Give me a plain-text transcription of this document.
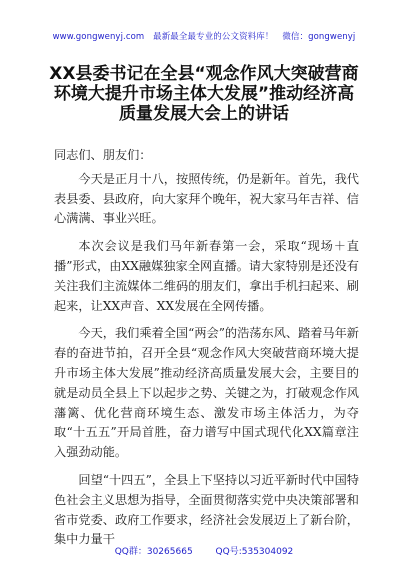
www.gongwenyj.com 最新最全最专业的公文资料库！ 微信：gongwenyj
XX县委书记在全县“观念作风大突破营商环境大提升市场主体大发展”推动经济高质量发展大会上的讲话

同志们、朋友们：

今天是正月十八，按照传统，仍是新年。首先，我代表县委、县政府，向大家拜个晚年，祝大家马年吉祥、信心满满、事业兴旺。

本次会议是我们马年新春第一会，采取“现场＋直播”形式，由XX融媒独家全网直播。请大家特别是还没有关注我们主流媒体二维码的朋友们，拿出手机扫起来、刷起来，让XX声音、XX发展在全网传播。

今天，我们乘着全国“两会”的浩荡东风、踏着马年新春的奋进节拍，召开全县“观念作风大突破营商环境大提升市场主体大发展”推动经济高质量发展大会，主要目的就是动员全县上下以起步之势、关键之为，打破观念作风藩篱、优化营商环境生态、激发市场主体活力，为夺取“十五五”开局首胜，奋力谱写中国式现代化XX篇章注入强劲动能。

回望“十四五”，全县上下坚持以习近平新时代中国特色社会主义思想为指导，全面贯彻落实党中央决策部署和省市党委、政府工作要求，经济社会发展迈上了新台阶，集中力量干

QQ群：30265665	QQ号:535304092
